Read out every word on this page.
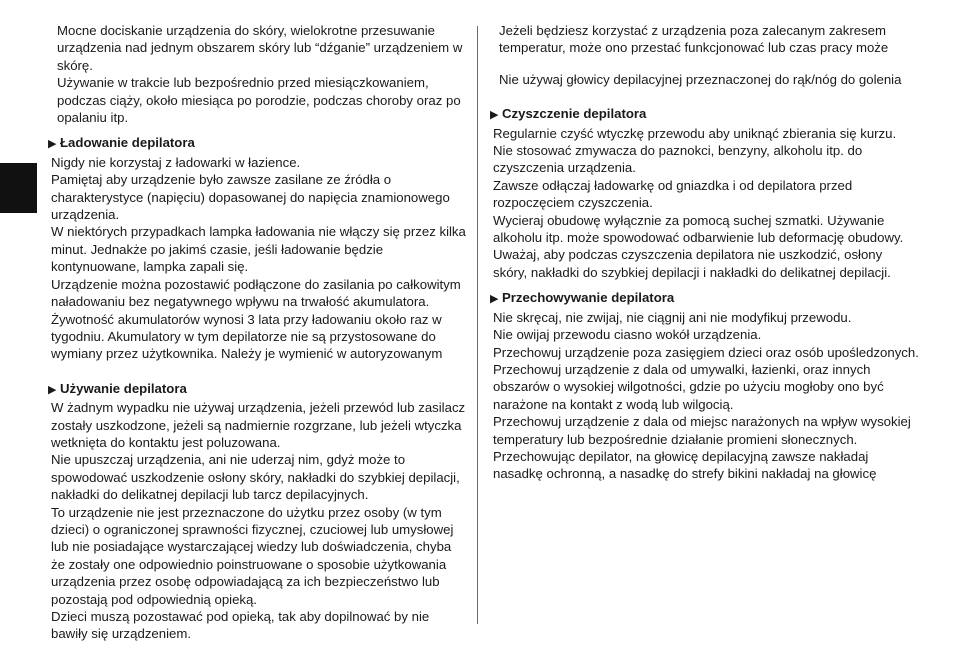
Mocne dociskanie urządzenia do skóry, wielokrotne przesuwanie urządzenia nad jednym obszarem skóry lub “dźganie” urządzeniem w skórę.

Używanie w trakcie lub bezpośrednio przed miesiączkowaniem, podczas ciąży, około miesiąca po porodzie, podczas choroby oraz po opalaniu itp.

▶ Ładowanie depilatora

Nigdy nie korzystaj z ładowarki w łazience.

Pamiętaj aby urządzenie było zawsze zasilane ze źródła o charakterystyce (napięciu) dopasowanej do napięcia znamionowego urządzenia.

W niektórych przypadkach lampka ładowania nie włączy się przez kilka minut. Jednakże po jakimś czasie, jeśli ładowanie będzie kontynuowane, lampka zapali się.

Urządzenie można pozostawić podłączone do zasilania po całkowitym naładowaniu bez negatywnego wpływu na trwałość akumulatora.

Żywotność akumulatorów wynosi 3 lata przy ładowaniu około raz w tygodniu. Akumulatory w tym depilatorze nie są przystosowane do wymiany przez użytkownika. Należy je wymienić w autoryzowanym

▶ Używanie depilatora

W żadnym wypadku nie używaj urządzenia, jeżeli przewód lub zasilacz zostały uszkodzone, jeżeli są nadmiernie rozgrzane, lub jeżeli wtyczka wetknięta do kontaktu jest poluzowana.

Nie upuszczaj urządzenia, ani nie uderzaj nim, gdyż może to spowodować uszkodzenie osłony skóry, nakładki do szybkiej depilacji, nakładki do delikatnej depilacji lub tarcz depilacyjnych.

To urządzenie nie jest przeznaczone do użytku przez osoby (w tym dzieci) o ograniczonej sprawności fizycznej, czuciowej lub umysłowej lub nie posiadające wystarczającej wiedzy lub doświadczenia, chyba że zostały one odpowiednio poinstruowane o sposobie użytkowania urządzenia przez osobę odpowiadającą za ich bezpieczeństwo lub pozostają pod odpowiednią opieką.

Dzieci muszą pozostawać pod opieką, tak aby dopilnować by nie bawiły się urządzeniem.

Jeżeli będziesz korzystać z urządzenia poza zalecanym zakresem temperatur, może ono przestać funkcjonować lub czas pracy może

Nie używaj głowicy depilacyjnej przeznaczonej do rąk/nóg do golenia

▶ Czyszczenie depilatora

Regularnie czyść wtyczkę przewodu aby uniknąć zbierania się kurzu.

Nie stosować zmywacza do paznokci, benzyny, alkoholu itp. do czyszczenia urządzenia.

Zawsze odłączaj ładowarkę od gniazdka i od depilatora przed rozpoczęciem czyszczenia.

Wycieraj obudowę wyłącznie za pomocą suchej szmatki. Używanie alkoholu itp. może spowodować odbarwienie lub deformację obudowy.

Uważaj, aby podczas czyszczenia depilatora nie uszkodzić, osłony skóry, nakładki do szybkiej depilacji i nakładki do delikatnej depilacji.

▶ Przechowywanie depilatora

Nie skręcaj, nie zwijaj, nie ciągnij ani nie modyfikuj przewodu.

Nie owijaj przewodu ciasno wokół urządzenia.

Przechowuj urządzenie poza zasięgiem dzieci oraz osób upośledzonych.

Przechowuj urządzenie z dala od umywalki, łazienki, oraz innych obszarów o wysokiej wilgotności, gdzie po użyciu mogłoby ono być narażone na kontakt z wodą lub wilgocią.

Przechowuj urządzenie z dala od miejsc narażonych na wpływ wysokiej temperatury lub bezpośrednie działanie promieni słonecznych.

Przechowując depilator, na głowicę depilacyjną zawsze nakładaj nasadkę ochronną, a nasadkę do strefy bikini nakładaj na głowicę
